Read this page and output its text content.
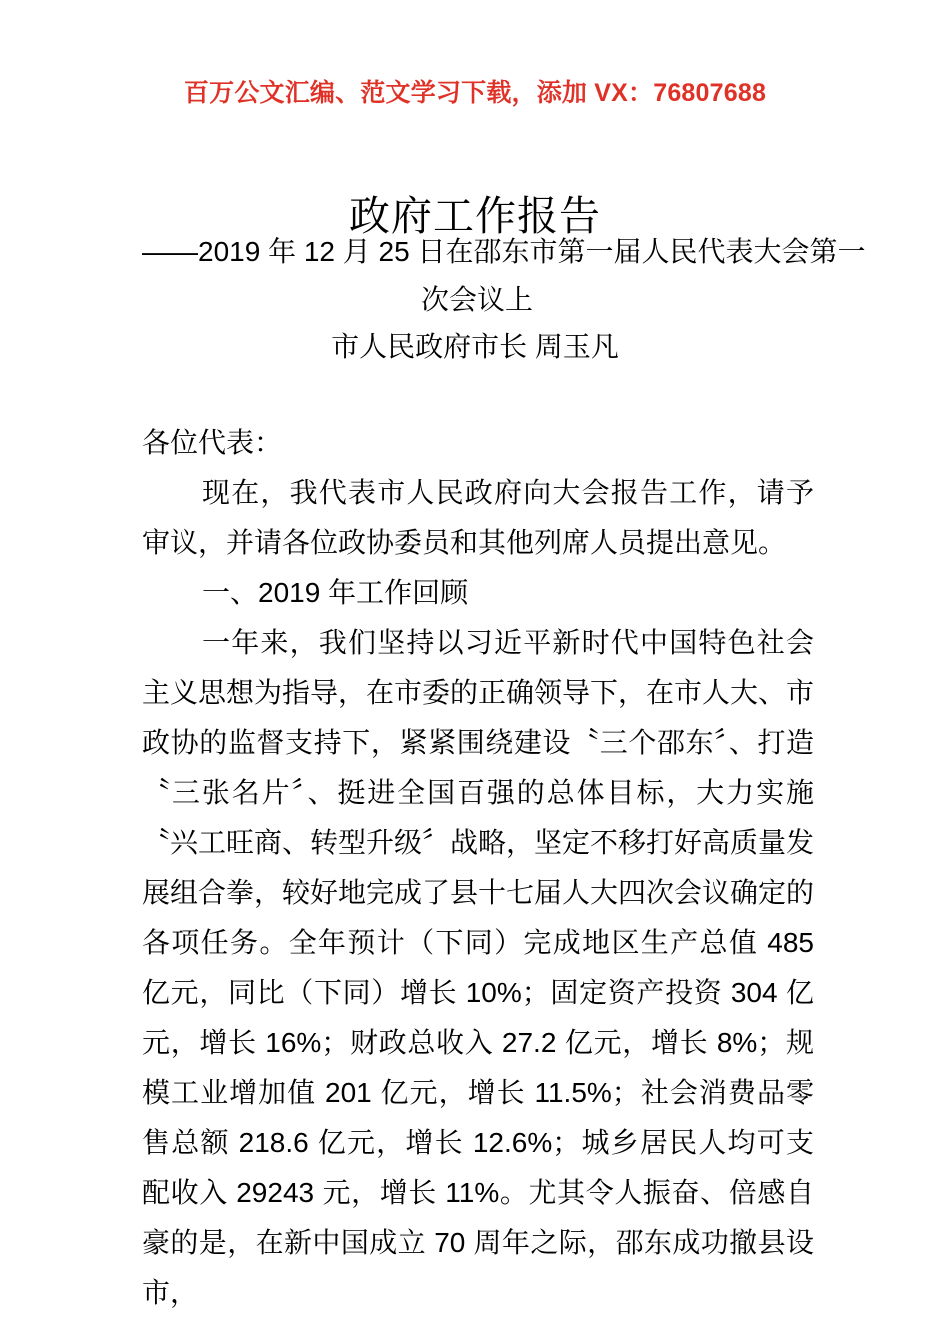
百万公文汇编、范文学习下载，添加 VX：76807688
政府工作报告
——2019 年 12 月 25 日在邵东市第一届人民代表大会第一
次会议上
市人民政府市长 周玉凡

各位代表：

现在，我代表市人民政府向大会报告工作，请予审议，并请各位政协委员和其他列席人员提出意见。

一、2019 年工作回顾

一年来，我们坚持以习近平新时代中国特色社会主义思想为指导，在市委的正确领导下，在市人大、市政协的监督支持下，紧紧围绕建设〝三个邵东〞、打造〝三张名片〞、挺进全国百强的总体目标，大力实施〝兴工旺商、转型升级〞战略，坚定不移打好高质量发展组合拳，较好地完成了县十七届人大四次会议确定的各项任务。全年预计（下同）完成地区生产总值 485 亿元，同比（下同）增长 10%；固定资产投资 304 亿元，增长 16%；财政总收入 27.2 亿元，增长 8%；规模工业增加值 201 亿元，增长 11.5%；社会消费品零售总额 218.6 亿元，增长 12.6%；城乡居民人均可支配收入 29243 元，增长 11%。尤其令人振奋、倍感自豪的是，在新中国成立 70 周年之际，邵东成功撤县设市，
